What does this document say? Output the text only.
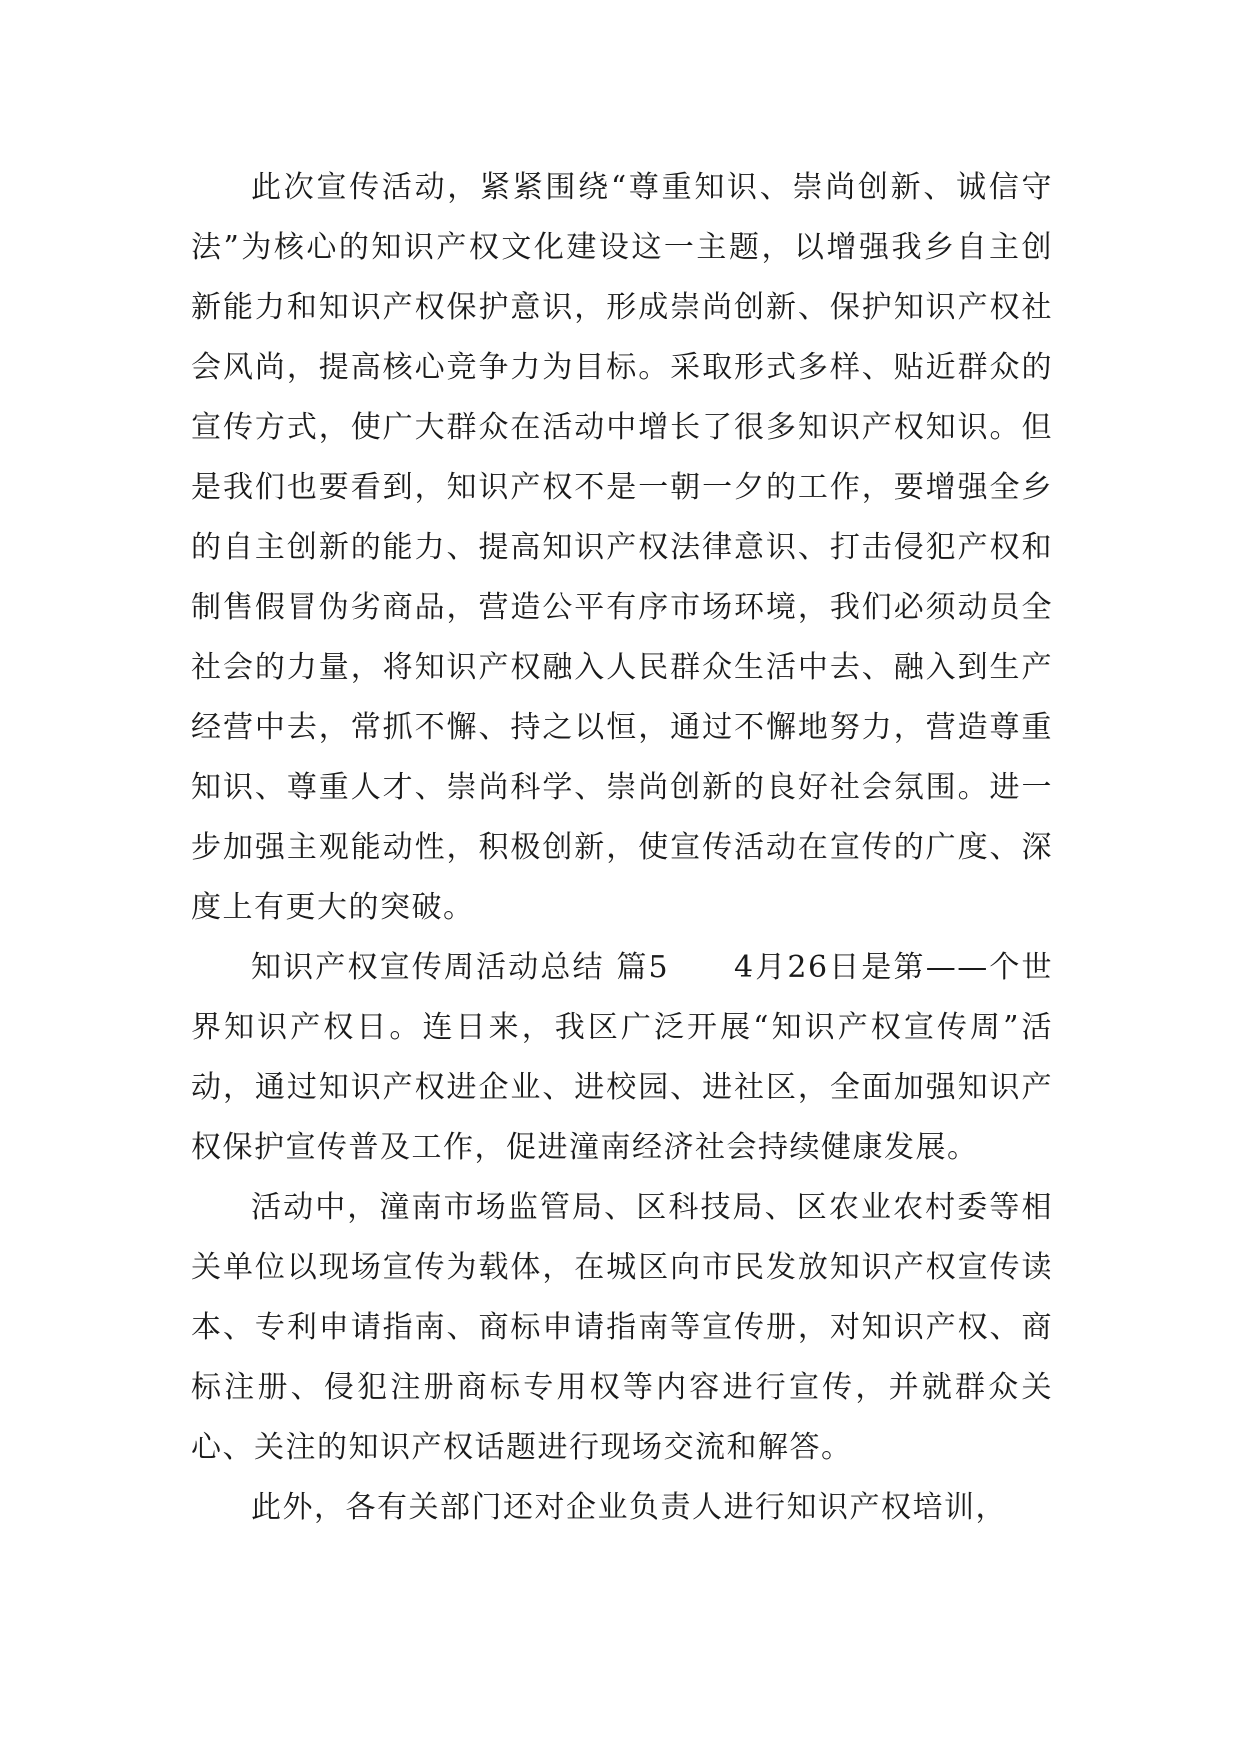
此次宣传活动，紧紧围绕“尊重知识、崇尚创新、诚信守法”为核心的知识产权文化建设这一主题，以增强我乡自主创新能力和知识产权保护意识，形成崇尚创新、保护知识产权社会风尚，提高核心竞争力为目标。采取形式多样、贴近群众的宣传方式，使广大群众在活动中增长了很多知识产权知识。但是我们也要看到，知识产权不是一朝一夕的工作，要增强全乡的自主创新的能力、提高知识产权法律意识、打击侵犯产权和制售假冒伪劣商品，营造公平有序市场环境，我们必须动员全社会的力量，将知识产权融入人民群众生活中去、融入到生产经营中去，常抓不懈、持之以恒，通过不懈地努力，营造尊重知识、尊重人才、崇尚科学、崇尚创新的良好社会氛围。进一步加强主观能动性，积极创新，使宣传活动在宣传的广度、深度上有更大的突破。

知识产权宣传周活动总结 篇5　　4月26日是第——个世界知识产权日。连日来，我区广泛开展“知识产权宣传周”活动，通过知识产权进企业、进校园、进社区，全面加强知识产权保护宣传普及工作，促进潼南经济社会持续健康发展。

活动中，潼南市场监管局、区科技局、区农业农村委等相关单位以现场宣传为载体，在城区向市民发放知识产权宣传读本、专利申请指南、商标申请指南等宣传册，对知识产权、商标注册、侵犯注册商标专用权等内容进行宣传，并就群众关心、关注的知识产权话题进行现场交流和解答。

此外，各有关部门还对企业负责人进行知识产权培训，
